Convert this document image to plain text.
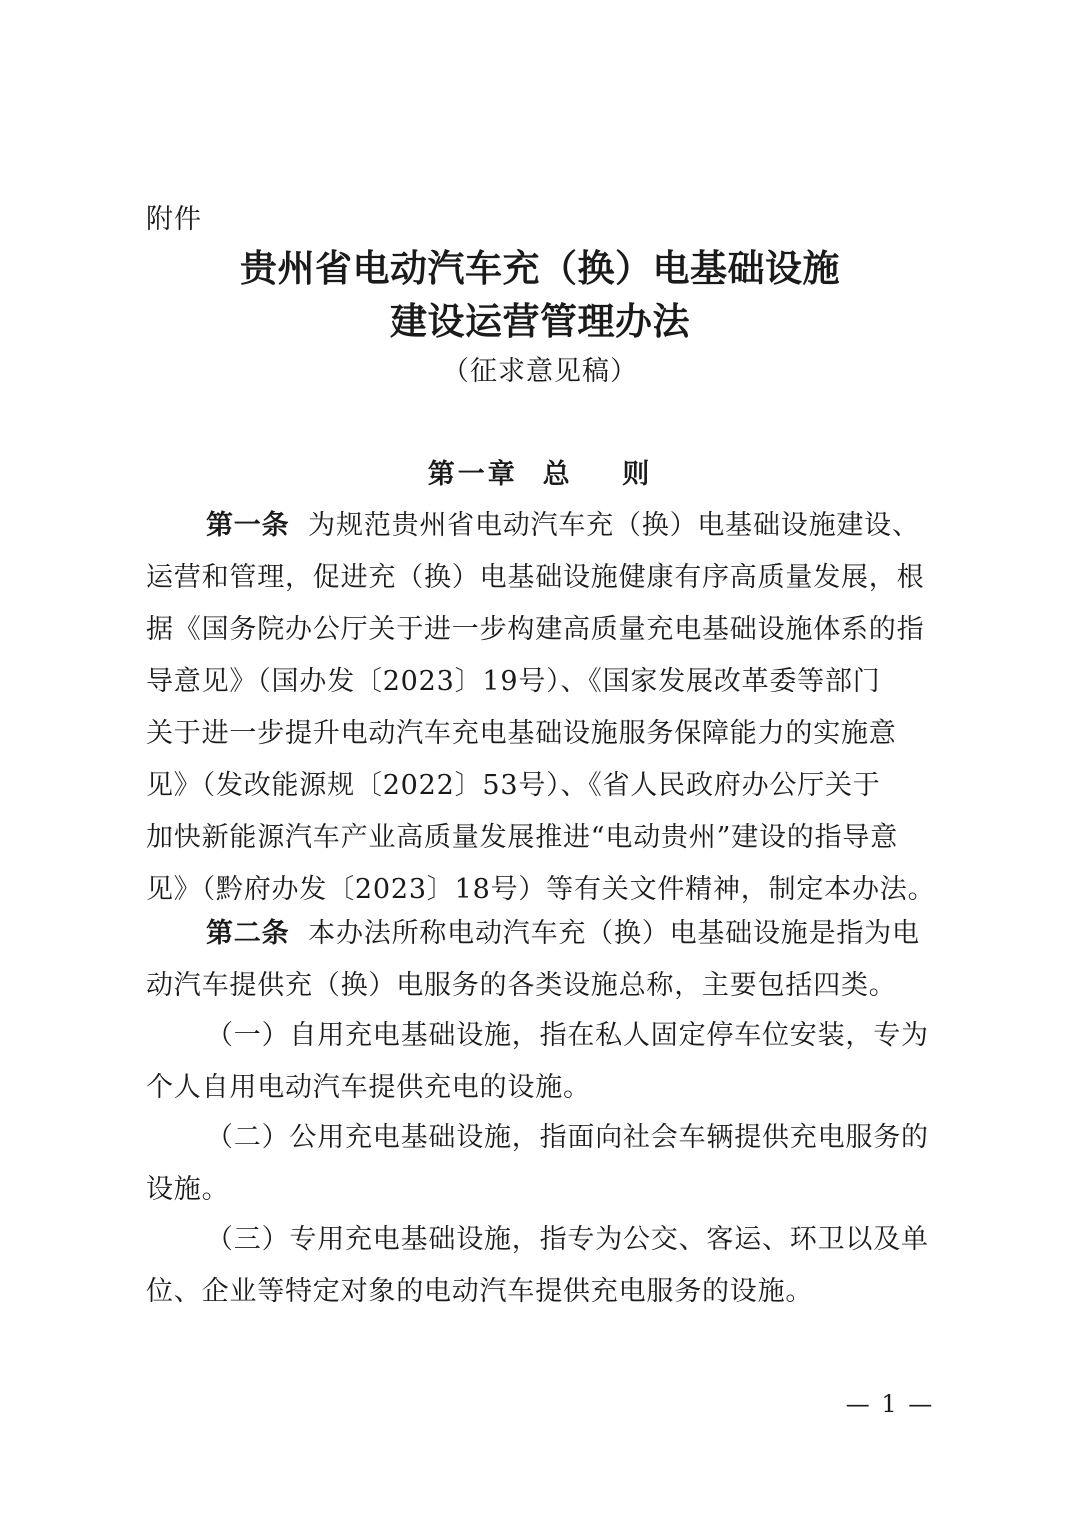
附件
贵州省电动汽车充（换）电基础设施
建设运营管理办法
（征求意见稿）
第一章  总    则
第一条 为规范贵州省电动汽车充（换）电基础设施建设、
运营和管理，促进充（换）电基础设施健康有序高质量发展，根
据《国务院办公厅关于进一步构建高质量充电基础设施体系的指
导意见》（国办发〔2023〕19号）、《国家发展改革委等部门
关于进一步提升电动汽车充电基础设施服务保障能力的实施意
见》（发改能源规〔2022〕53号）、《省人民政府办公厅关于
加快新能源汽车产业高质量发展推进“电动贵州”建设的指导意
见》（黔府办发〔2023〕18号）等有关文件精神，制定本办法。
第二条 本办法所称电动汽车充（换）电基础设施是指为电
动汽车提供充（换）电服务的各类设施总称，主要包括四类。
（一）自用充电基础设施，指在私人固定停车位安装，专为
个人自用电动汽车提供充电的设施。
（二）公用充电基础设施，指面向社会车辆提供充电服务的
设施。
（三）专用充电基础设施，指专为公交、客运、环卫以及单
位、企业等特定对象的电动汽车提供充电服务的设施。
— 1 —
